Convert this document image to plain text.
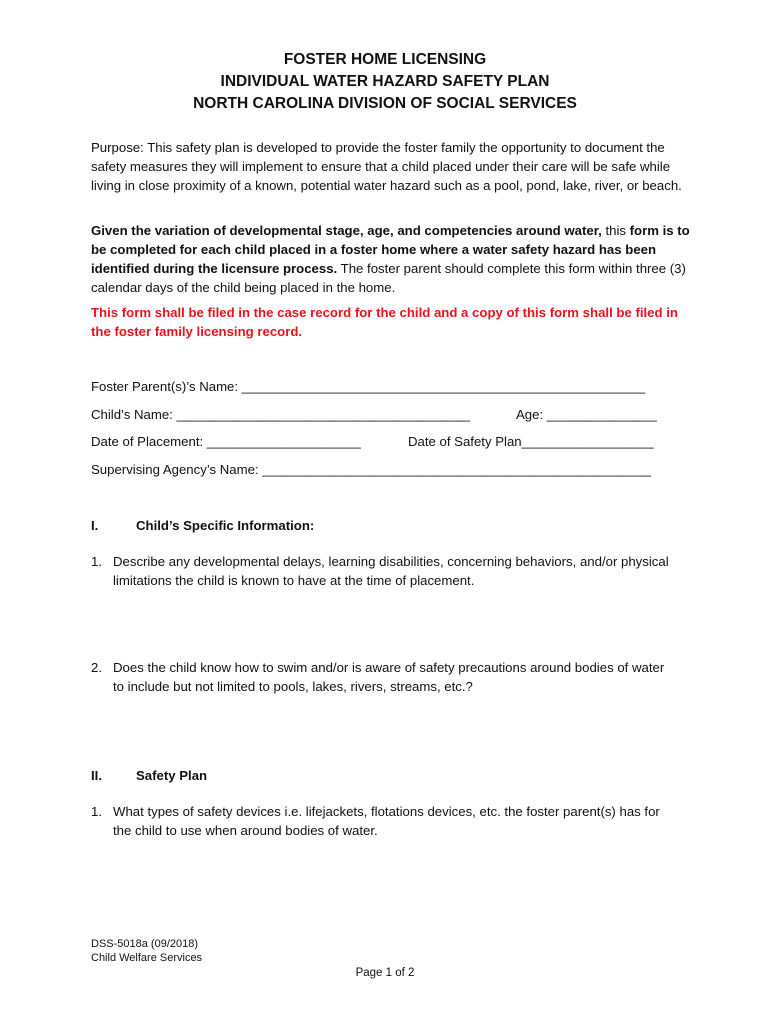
FOSTER HOME LICENSING
INDIVIDUAL WATER HAZARD SAFETY PLAN
NORTH CAROLINA DIVISION OF SOCIAL SERVICES
Purpose: This safety plan is developed to provide the foster family the opportunity to document the safety measures they will implement to ensure that a child placed under their care will be safe while living in close proximity of a known, potential water hazard such as a pool, pond, lake, river, or beach.
Given the variation of developmental stage, age, and competencies around water, this form is to be completed for each child placed in a foster home where a water safety hazard has been identified during the licensure process. The foster parent should complete this form within three (3) calendar days of the child being placed in the home.
This form shall be filed in the case record for the child and a copy of this form shall be filed in the foster family licensing record.
Foster Parent(s)’s Name: _______________________________________________________
Child’s Name: ________________________________________	Age: _______________
Date of Placement: _____________________	Date of Safety Plan__________________
Supervising Agency’s Name: _____________________________________________________
I.	Child’s Specific Information:
1. Describe any developmental delays, learning disabilities, concerning behaviors, and/or physical limitations the child is known to have at the time of placement.
2. Does the child know how to swim and/or is aware of safety precautions around bodies of water to include but not limited to pools, lakes, rivers, streams, etc.?
II.	Safety Plan
1. What types of safety devices i.e. lifejackets, flotations devices, etc. the foster parent(s) has for the child to use when around bodies of water.
DSS-5018a (09/2018)
Child Welfare Services
Page 1 of 2
